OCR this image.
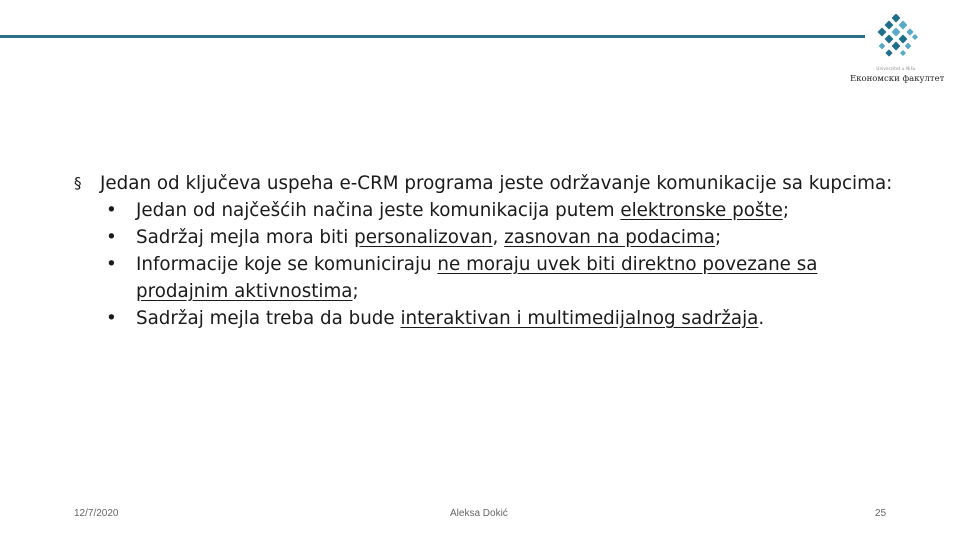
Univerzitet u Nišu
Економски факултет
§ Jedan od ključeva uspeha e-CRM programa jeste održavanje komunikacije sa kupcima:
• Jedan od najčešćih načina jeste komunikacija putem elektronske pošte;
• Sadržaj mejla mora biti personalizovan, zasnovan na podacima;
• Informacije koje se komuniciraju ne moraju uvek biti direktno povezane sa prodajnim aktivnostima;
• Sadržaj mejla treba da bude interaktivan i multimedijalnog sadržaja.
12/7/2020	Aleksa Dokić	25
